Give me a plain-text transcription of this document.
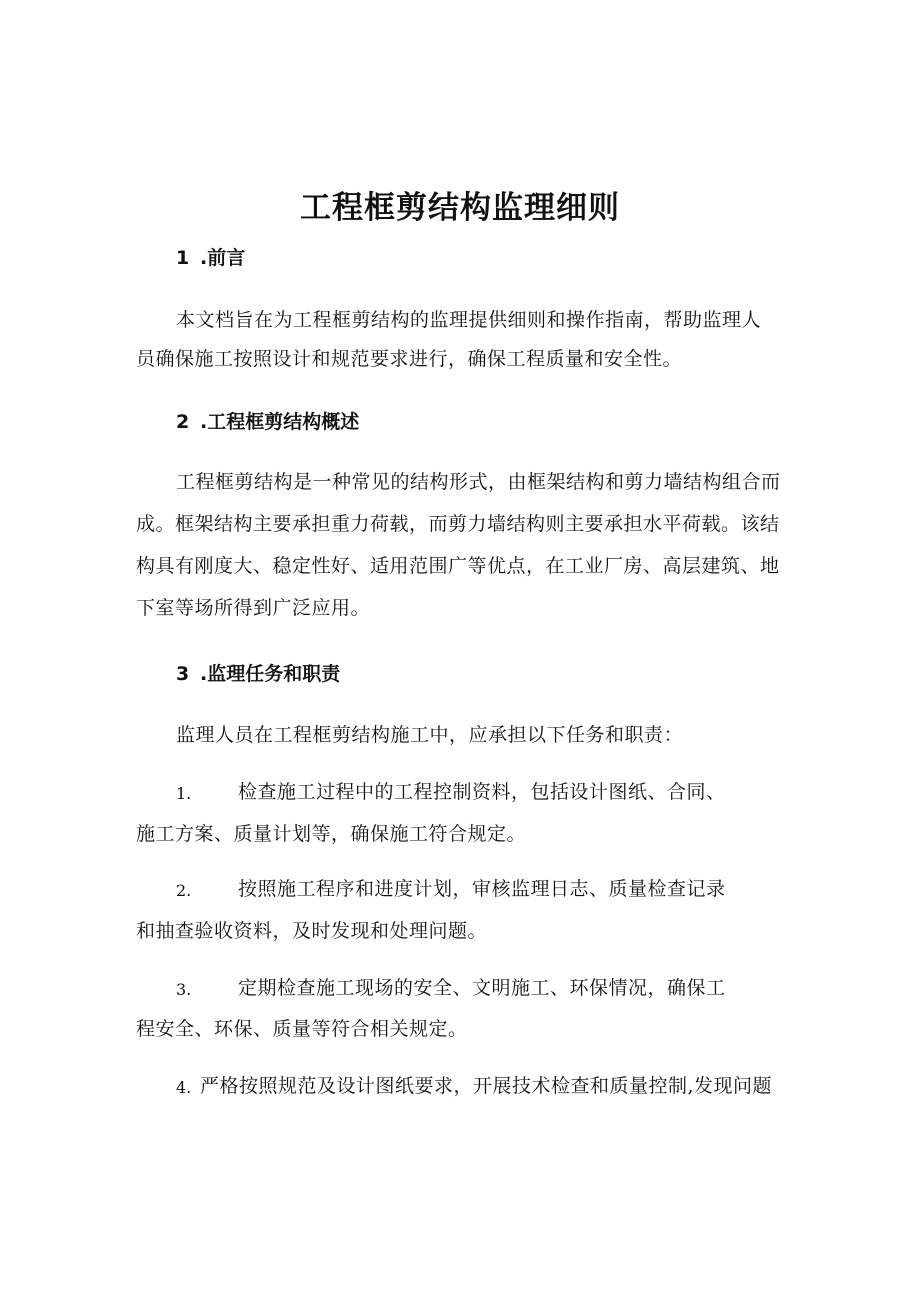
工程框剪结构监理细则
1 .前言
本文档旨在为工程框剪结构的监理提供细则和操作指南，帮助监理人
员确保施工按照设计和规范要求进行，确保工程质量和安全性。
2 .工程框剪结构概述
工程框剪结构是一种常见的结构形式，由框架结构和剪力墙结构组合而
成。框架结构主要承担重力荷载，而剪力墙结构则主要承担水平荷载。该结
构具有刚度大、稳定性好、适用范围广等优点，在工业厂房、高层建筑、地
下室等场所得到广泛应用。
3 .监理任务和职责
监理人员在工程框剪结构施工中，应承担以下任务和职责：
1. 检查施工过程中的工程控制资料，包括设计图纸、合同、
施工方案、质量计划等，确保施工符合规定。
2. 按照施工程序和进度计划，审核监理日志、质量检查记录
和抽查验收资料，及时发现和处理问题。
3. 定期检查施工现场的安全、文明施工、环保情况，确保工
程安全、环保、质量等符合相关规定。
4. 严格按照规范及设计图纸要求，开展技术检查和质量控制,发现问题
